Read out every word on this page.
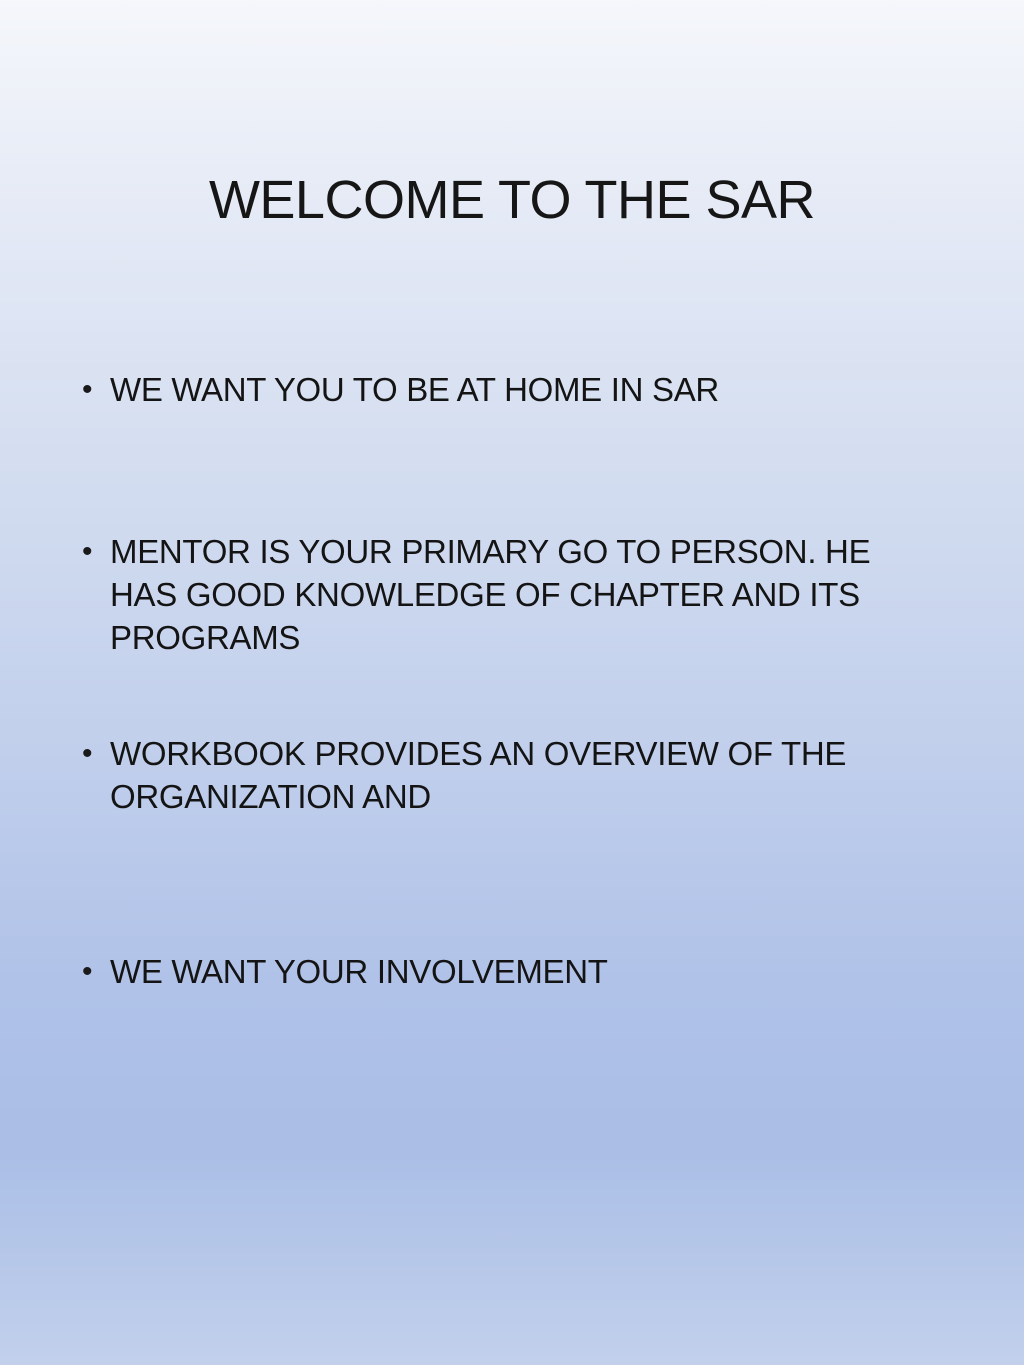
WELCOME TO THE SAR
• WE WANT YOU TO BE AT HOME IN SAR
• MENTOR IS YOUR PRIMARY GO TO PERSON. HE
HAS GOOD KNOWLEDGE OF CHAPTER AND ITS
PROGRAMS
• WORKBOOK PROVIDES AN OVERVIEW OF THE
ORGANIZATION AND
• WE WANT YOUR INVOLVEMENT
